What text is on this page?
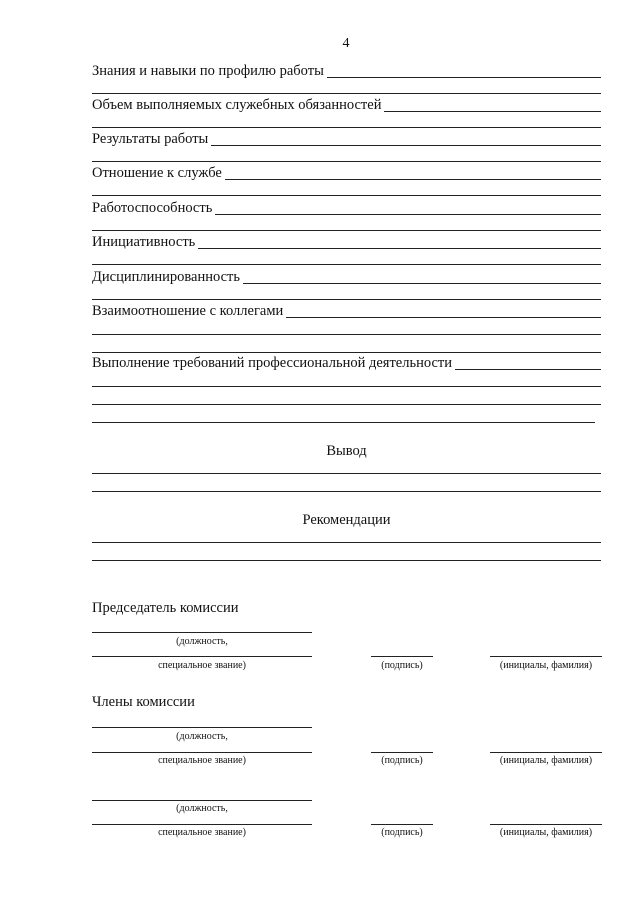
4
Знания и навыки по профилю работы
Объем выполняемых служебных обязанностей
Результаты работы
Отношение к службе
Работоспособность
Инициативность
Дисциплинированность
Взаимоотношение с коллегами
Выполнение требований профессиональной деятельности
Вывод
Рекомендации
Председатель комиссии
(должность,
специальное звание)	(подпись)	(инициалы, фамилия)
Члены комиссии
(должность,
специальное звание)	(подпись)	(инициалы, фамилия)
(должность,
специальное звание)	(подпись)	(инициалы, фамилия)
